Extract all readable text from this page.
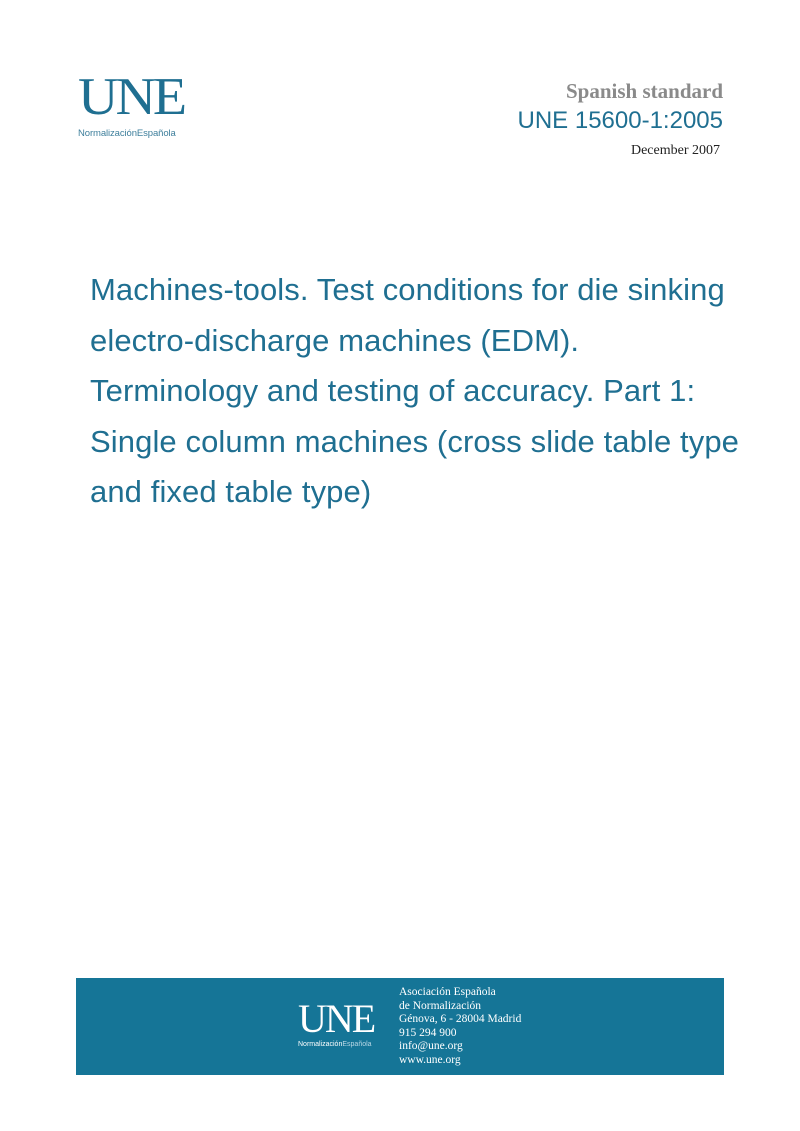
UNE
NormalizaciónEspañola
Spanish standard
UNE 15600-1:2005
December 2007
Machines-tools. Test conditions for die sinking electro-discharge machines (EDM). Terminology and testing of accuracy. Part 1: Single column machines (cross slide table type and fixed table type)
UNE
NormalizaciónEspañola
Asociación Española
de Normalización
Génova, 6 - 28004 Madrid
915 294 900
info@une.org
www.une.org
